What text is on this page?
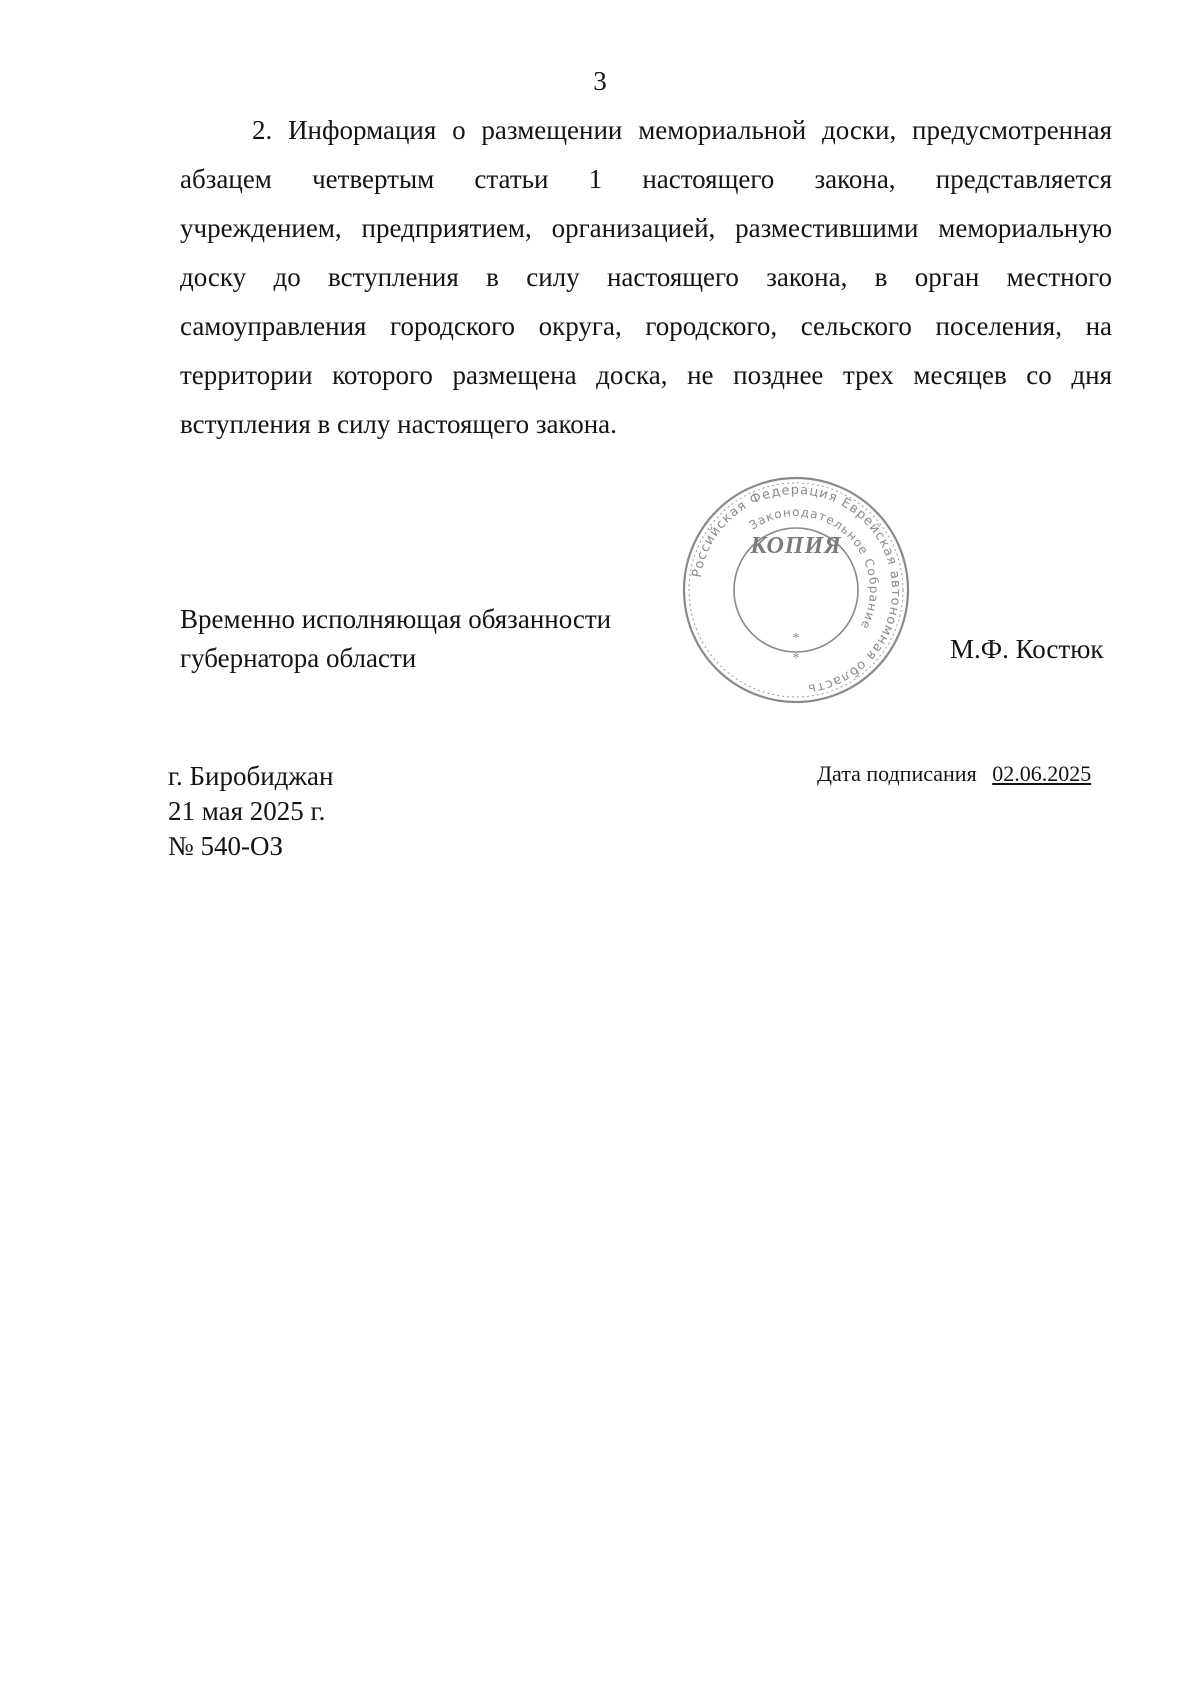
3
2. Информация о размещении мемориальной доски, предусмотренная
абзацем четвертым статьи 1 настоящего закона, представляется
учреждением, предприятием, организацией, разместившими мемориальную
доску до вступления в силу настоящего закона, в орган местного
самоуправления городского округа, городского, сельского поселения, на
территории которого размещена доска, не позднее трех месяцев со дня
вступления в силу настоящего закона.
Временно исполняющая обязанности
губернатора области
Российская Федерация Еврейская автономная область
Законодательное Собрание
КОПИЯ
*
*	М.Ф. Костюк
г. Биробиджан
21 мая 2025 г.
№ 540-ОЗ
Дата подписания 02.06.2025
